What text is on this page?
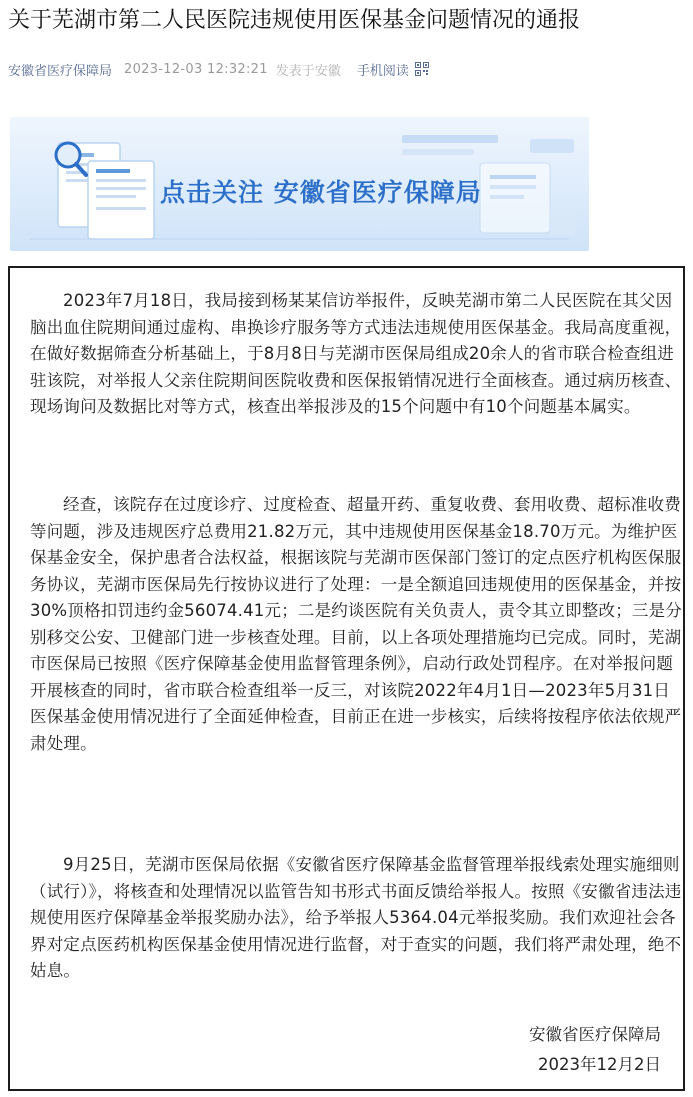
关于芜湖市第二人民医院违规使用医保基金问题情况的通报
安徽省医疗保障局 2023-12-03 12:32:21 发表于安徽 手机阅读
点击关注 安徽省医疗保障局

2023年7月18日，我局接到杨某某信访举报件，反映芜湖市第二人民医院在其父因脑出血住院期间通过虚构、串换诊疗服务等方式违法违规使用医保基金。我局高度重视，在做好数据筛查分析基础上，于8月8日与芜湖市医保局组成20余人的省市联合检查组进驻该院，对举报人父亲住院期间医院收费和医保报销情况进行全面核查。通过病历核查、现场询问及数据比对等方式，核查出举报涉及的15个问题中有10个问题基本属实。

经查，该院存在过度诊疗、过度检查、超量开药、重复收费、套用收费、超标准收费等问题，涉及违规医疗总费用21.82万元，其中违规使用医保基金18.70万元。为维护医保基金安全，保护患者合法权益，根据该院与芜湖市医保部门签订的定点医疗机构医保服务协议，芜湖市医保局先行按协议进行了处理：一是全额追回违规使用的医保基金，并按30%顶格扣罚违约金56074.41元；二是约谈医院有关负责人，责令其立即整改；三是分别移交公安、卫健部门进一步核查处理。目前，以上各项处理措施均已完成。同时，芜湖市医保局已按照《医疗保障基金使用监督管理条例》，启动行政处罚程序。在对举报问题开展核查的同时，省市联合检查组举一反三，对该院2022年4月1日—2023年5月31日医保基金使用情况进行了全面延伸检查，目前正在进一步核实，后续将按程序依法依规严肃处理。

9月25日，芜湖市医保局依据《安徽省医疗保障基金监督管理举报线索处理实施细则（试行）》，将核查和处理情况以监管告知书形式书面反馈给举报人。按照《安徽省违法违规使用医疗保障基金举报奖励办法》，给予举报人5364.04元举报奖励。我们欢迎社会各界对定点医药机构医保基金使用情况进行监督，对于查实的问题，我们将严肃处理，绝不姑息。

安徽省医疗保障局
2023年12月2日
